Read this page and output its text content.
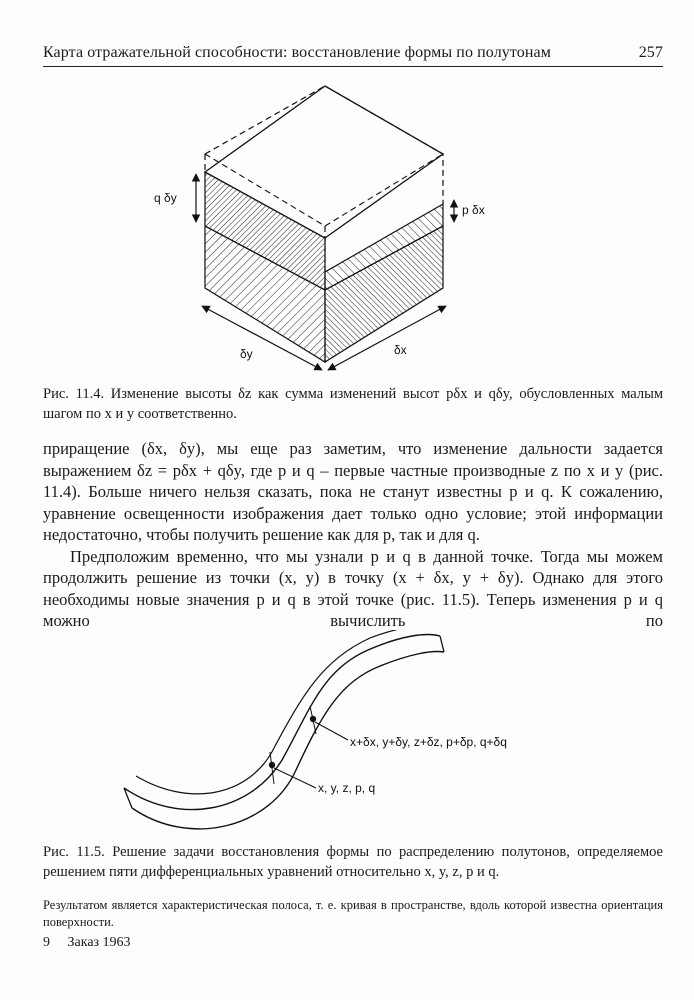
Карта отражательной способности: восстановление формы по полутонам	257
q δy
p δx
δy	δx
Рис. 11.4. Изменение высоты δz как сумма изменений высот pδx и qδy, обусловленных малым шагом по x и y соответственно.

приращение (δx, δy), мы еще раз заметим, что изменение дальности задается выражением δz = pδx + qδy, где p и q – первые частные производные z по x и y (рис. 11.4). Больше ничего нельзя сказать, пока не станут известны p и q. К сожалению, уравнение освещенности изображения дает только одно условие; этой информации недостаточно, чтобы получить решение как для p, так и для q.

Предположим временно, что мы узнали p и q в данной точке. Тогда мы можем продолжить решение из точки (x, y) в точку (x + δx, y + δy). Однако для этого необходимы новые значения p и q в этой точке (рис. 11.5). Теперь изменения p и q можно вычислить по

x+δx, y+δy, z+δz, p+δp, q+δq
x, y, z, p, q
Рис. 11.5. Решение задачи восстановления формы по распределению полутонов, определяемое решением пяти дифференциальных уравнений относительно x, y, z, p и q.
Результатом является характеристическая полоса, т. е. кривая в пространстве, вдоль которой известна ориентация поверхности.
9 Заказ 1963
